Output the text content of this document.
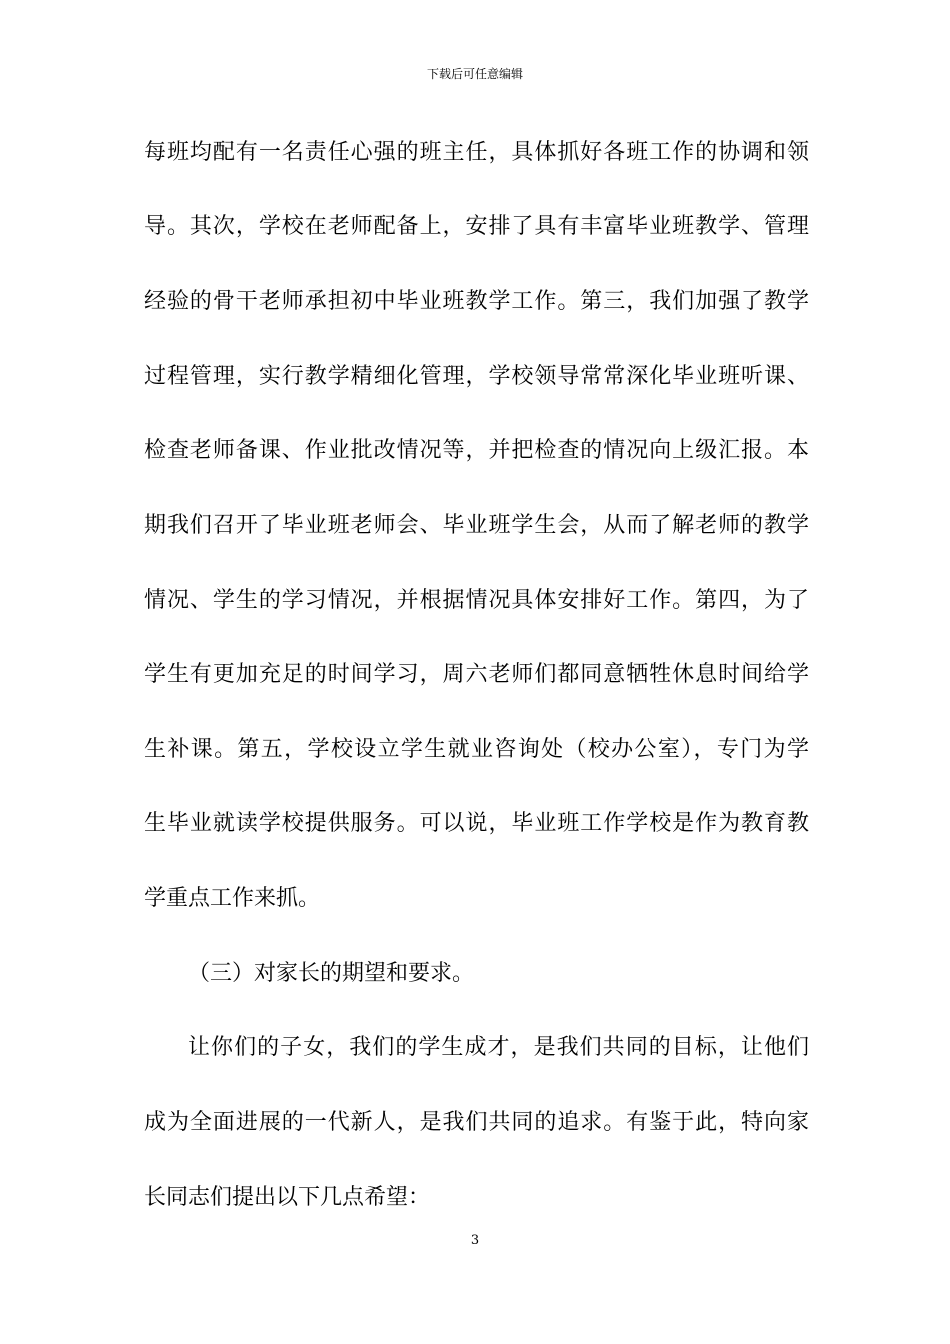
下载后可任意编辑
每班均配有一名责任心强的班主任，具体抓好各班工作的协调和领
导。其次，学校在老师配备上，安排了具有丰富毕业班教学、管理
经验的骨干老师承担初中毕业班教学工作。第三，我们加强了教学
过程管理，实行教学精细化管理，学校领导常常深化毕业班听课、
检查老师备课、作业批改情况等，并把检查的情况向上级汇报。本
期我们召开了毕业班老师会、毕业班学生会，从而了解老师的教学
情况、学生的学习情况，并根据情况具体安排好工作。第四，为了
学生有更加充足的时间学习，周六老师们都同意牺牲休息时间给学
生补课。第五，学校设立学生就业咨询处（校办公室），专门为学
生毕业就读学校提供服务。可以说，毕业班工作学校是作为教育教
学重点工作来抓。
（三）对家长的期望和要求。
让你们的子女，我们的学生成才，是我们共同的目标，让他们
成为全面进展的一代新人，是我们共同的追求。有鉴于此，特向家
长同志们提出以下几点希望：
3
